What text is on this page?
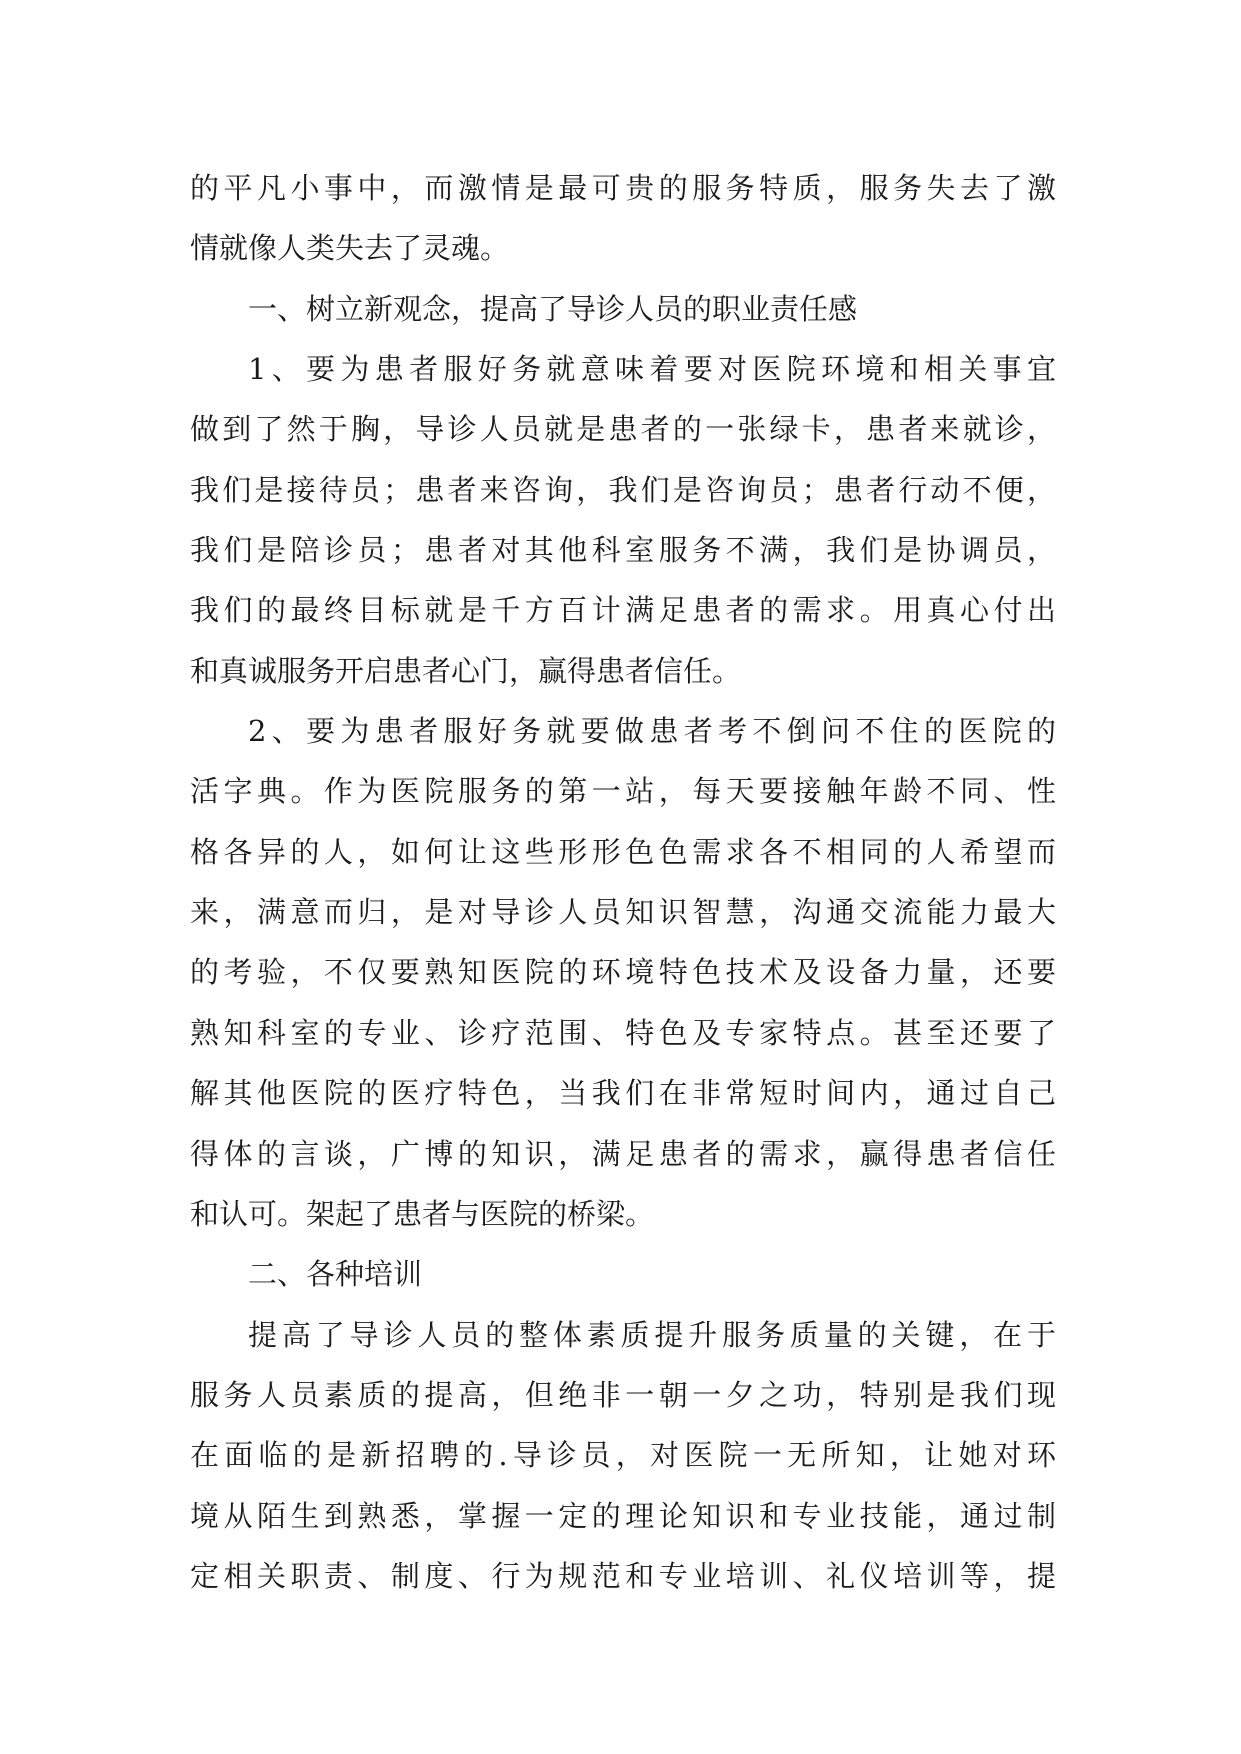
的平凡小事中，而激情是最可贵的服务特质，服务失去了激
情就像人类失去了灵魂。
一、树立新观念，提高了导诊人员的职业责任感
1、要为患者服好务就意味着要对医院环境和相关事宜
做到了然于胸，导诊人员就是患者的一张绿卡，患者来就诊，
我们是接待员；患者来咨询，我们是咨询员；患者行动不便，
我们是陪诊员；患者对其他科室服务不满，我们是协调员，
我们的最终目标就是千方百计满足患者的需求。用真心付出
和真诚服务开启患者心门，赢得患者信任。
2、要为患者服好务就要做患者考不倒问不住的医院的
活字典。作为医院服务的第一站，每天要接触年龄不同、性
格各异的人，如何让这些形形色色需求各不相同的人希望而
来，满意而归，是对导诊人员知识智慧，沟通交流能力最大
的考验，不仅要熟知医院的环境特色技术及设备力量，还要
熟知科室的专业、诊疗范围、特色及专家特点。甚至还要了
解其他医院的医疗特色，当我们在非常短时间内，通过自己
得体的言谈，广博的知识，满足患者的需求，赢得患者信任
和认可。架起了患者与医院的桥梁。
二、各种培训
提高了导诊人员的整体素质提升服务质量的关键，在于
服务人员素质的提高，但绝非一朝一夕之功，特别是我们现
在面临的是新招聘的.导诊员，对医院一无所知，让她对环
境从陌生到熟悉，掌握一定的理论知识和专业技能，通过制
定相关职责、制度、行为规范和专业培训、礼仪培训等，提
